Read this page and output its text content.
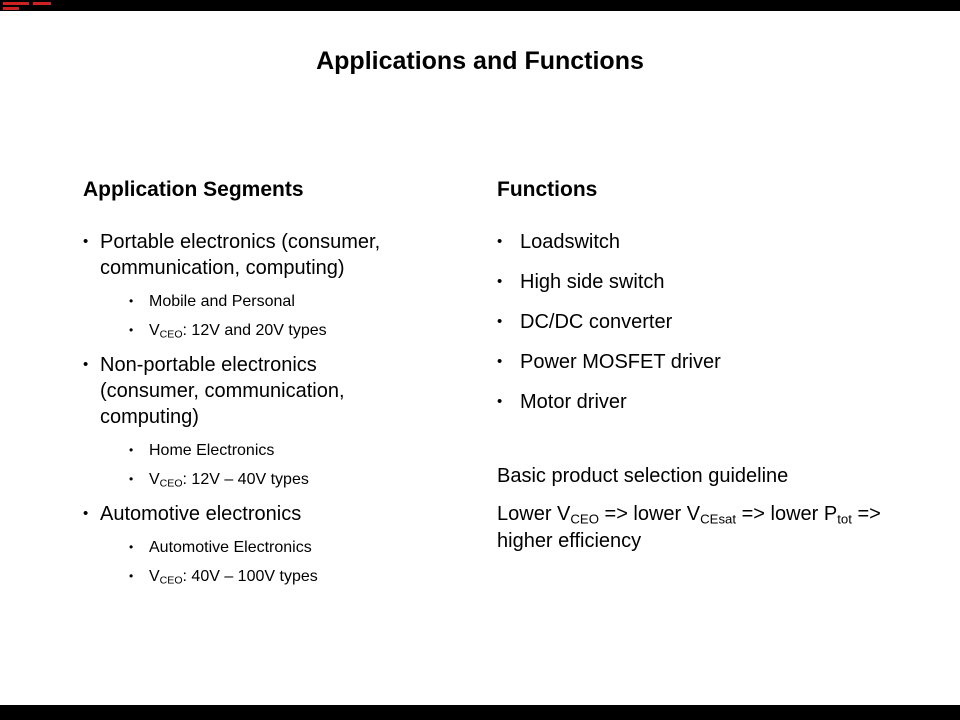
Applications and Functions
Application Segments
• Portable electronics (consumer, communication, computing)
• Mobile and Personal
• $V_{CEO}$: 12V and 20V types
• Non-portable electronics (consumer, communication, computing)
• Home Electronics
• $V_{CEO}$: 12V – 40V types
• Automotive electronics
• Automotive Electronics
• $V_{CEO}$: 40V – 100V types
Functions
• Loadswitch
• High side switch
• DC/DC converter
• Power MOSFET driver
• Motor driver
Basic product selection guideline
Lower $V_{CEO}$ => lower $V_{CEsat}$ => lower $P_{tot}$ => higher efficiency
